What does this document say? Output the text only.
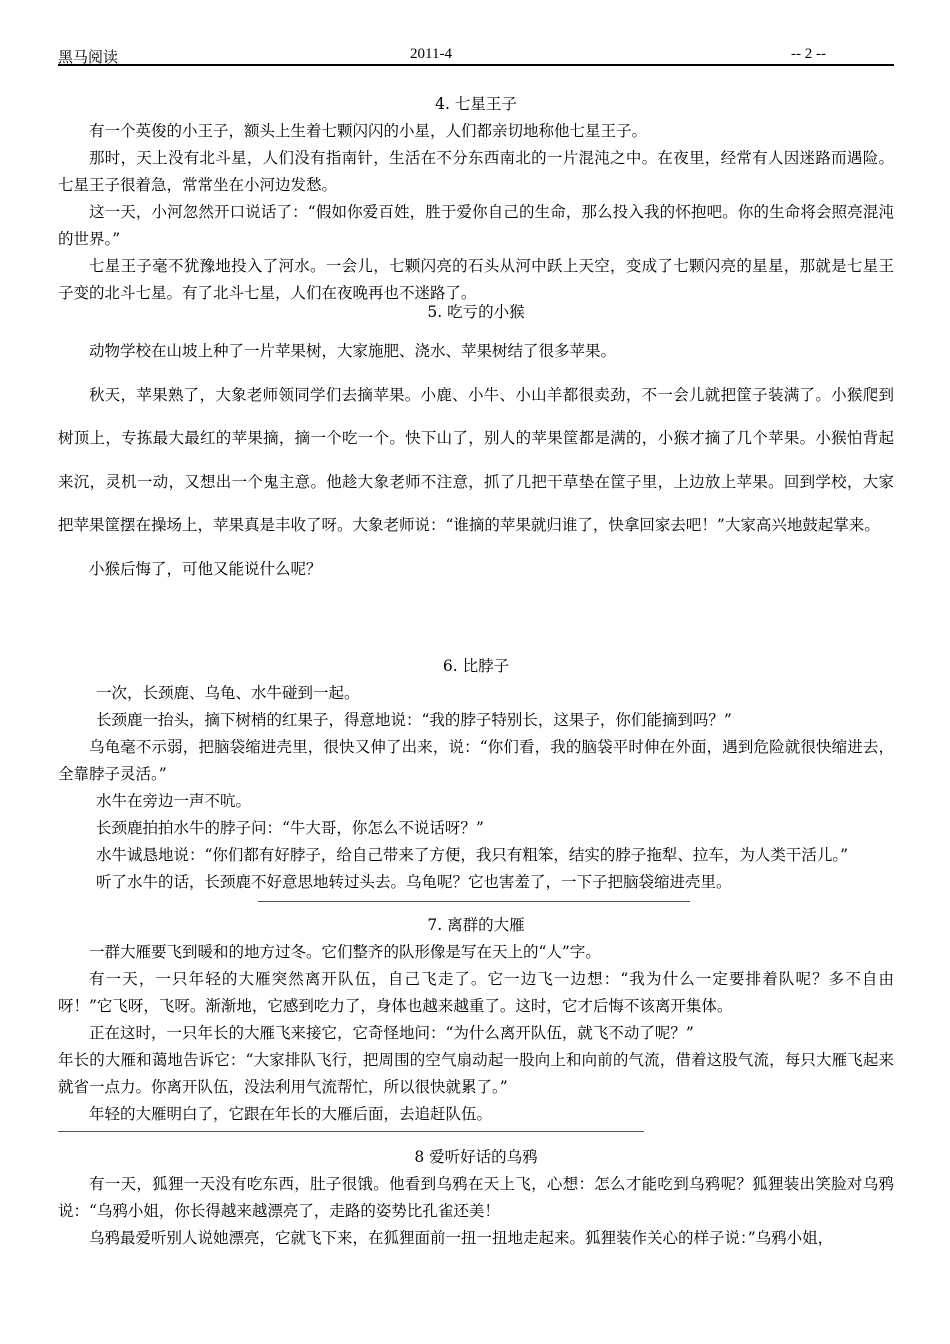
黑马阅读	2011-4	-- 2 --
4. 七星王子

有一个英俊的小王子，额头上生着七颗闪闪的小星，人们都亲切地称他七星王子。

那时，天上没有北斗星，人们没有指南针，生活在不分东西南北的一片混沌之中。在夜里，经常有人因迷路而遇险。七星王子很着急，常常坐在小河边发愁。

这一天，小河忽然开口说话了：“假如你爱百姓，胜于爱你自己的生命，那么投入我的怀抱吧。你的生命将会照亮混沌的世界。”

七星王子毫不犹豫地投入了河水。一会儿，七颗闪亮的石头从河中跃上天空，变成了七颗闪亮的星星，那就是七星王子变的北斗七星。有了北斗七星，人们在夜晚再也不迷路了。

5. 吃亏的小猴

动物学校在山坡上种了一片苹果树，大家施肥、浇水、苹果树结了很多苹果。

秋天，苹果熟了，大象老师领同学们去摘苹果。小鹿、小牛、小山羊都很卖劲，不一会儿就把筐子装满了。小猴爬到树顶上，专拣最大最红的苹果摘，摘一个吃一个。快下山了，别人的苹果筐都是满的，小猴才摘了几个苹果。小猴怕背起来沉，灵机一动，又想出一个鬼主意。他趁大象老师不注意，抓了几把干草垫在筐子里，上边放上苹果。回到学校，大家把苹果筐摆在操场上，苹果真是丰收了呀。大象老师说：“谁摘的苹果就归谁了，快拿回家去吧！”大家高兴地鼓起掌来。

小猴后悔了，可他又能说什么呢？

6. 比脖子

一次，长颈鹿、乌龟、水牛碰到一起。

长颈鹿一抬头，摘下树梢的红果子，得意地说：“我的脖子特别长，这果子，你们能摘到吗？”

乌龟毫不示弱，把脑袋缩进壳里，很快又伸了出来，说：“你们看，我的脑袋平时伸在外面，遇到危险就很快缩进去，全靠脖子灵活。”

水牛在旁边一声不吭。

长颈鹿拍拍水牛的脖子问：“牛大哥，你怎么不说话呀？”

水牛诚恳地说：“你们都有好脖子，给自己带来了方便，我只有粗笨，结实的脖子拖犁、拉车，为人类干活儿。”

听了水牛的话，长颈鹿不好意思地转过头去。乌龟呢？它也害羞了，一下子把脑袋缩进壳里。

7. 离群的大雁

一群大雁要飞到暖和的地方过冬。它们整齐的队形像是写在天上的“人”字。

有一天，一只年轻的大雁突然离开队伍，自己飞走了。它一边飞一边想：“我为什么一定要排着队呢？多不自由呀！”它飞呀，飞呀。渐渐地，它感到吃力了，身体也越来越重了。这时，它才后悔不该离开集体。

正在这时，一只年长的大雁飞来接它，它奇怪地问：“为什么离开队伍，就飞不动了呢？”

年长的大雁和蔼地告诉它：“大家排队飞行，把周围的空气扇动起一股向上和向前的气流，借着这股气流，每只大雁飞起来就省一点力。你离开队伍，没法利用气流帮忙，所以很快就累了。”

年轻的大雁明白了，它跟在年长的大雁后面，去追赶队伍。

8 爱听好话的乌鸦

有一天，狐狸一天没有吃东西，肚子很饿。他看到乌鸦在天上飞，心想：怎么才能吃到乌鸦呢？狐狸装出笑脸对乌鸦说：“乌鸦小姐，你长得越来越漂亮了，走路的姿势比孔雀还美！

乌鸦最爱听别人说她漂亮，它就飞下来，在狐狸面前一扭一扭地走起来。狐狸装作关心的样子说：”乌鸦小姐，
